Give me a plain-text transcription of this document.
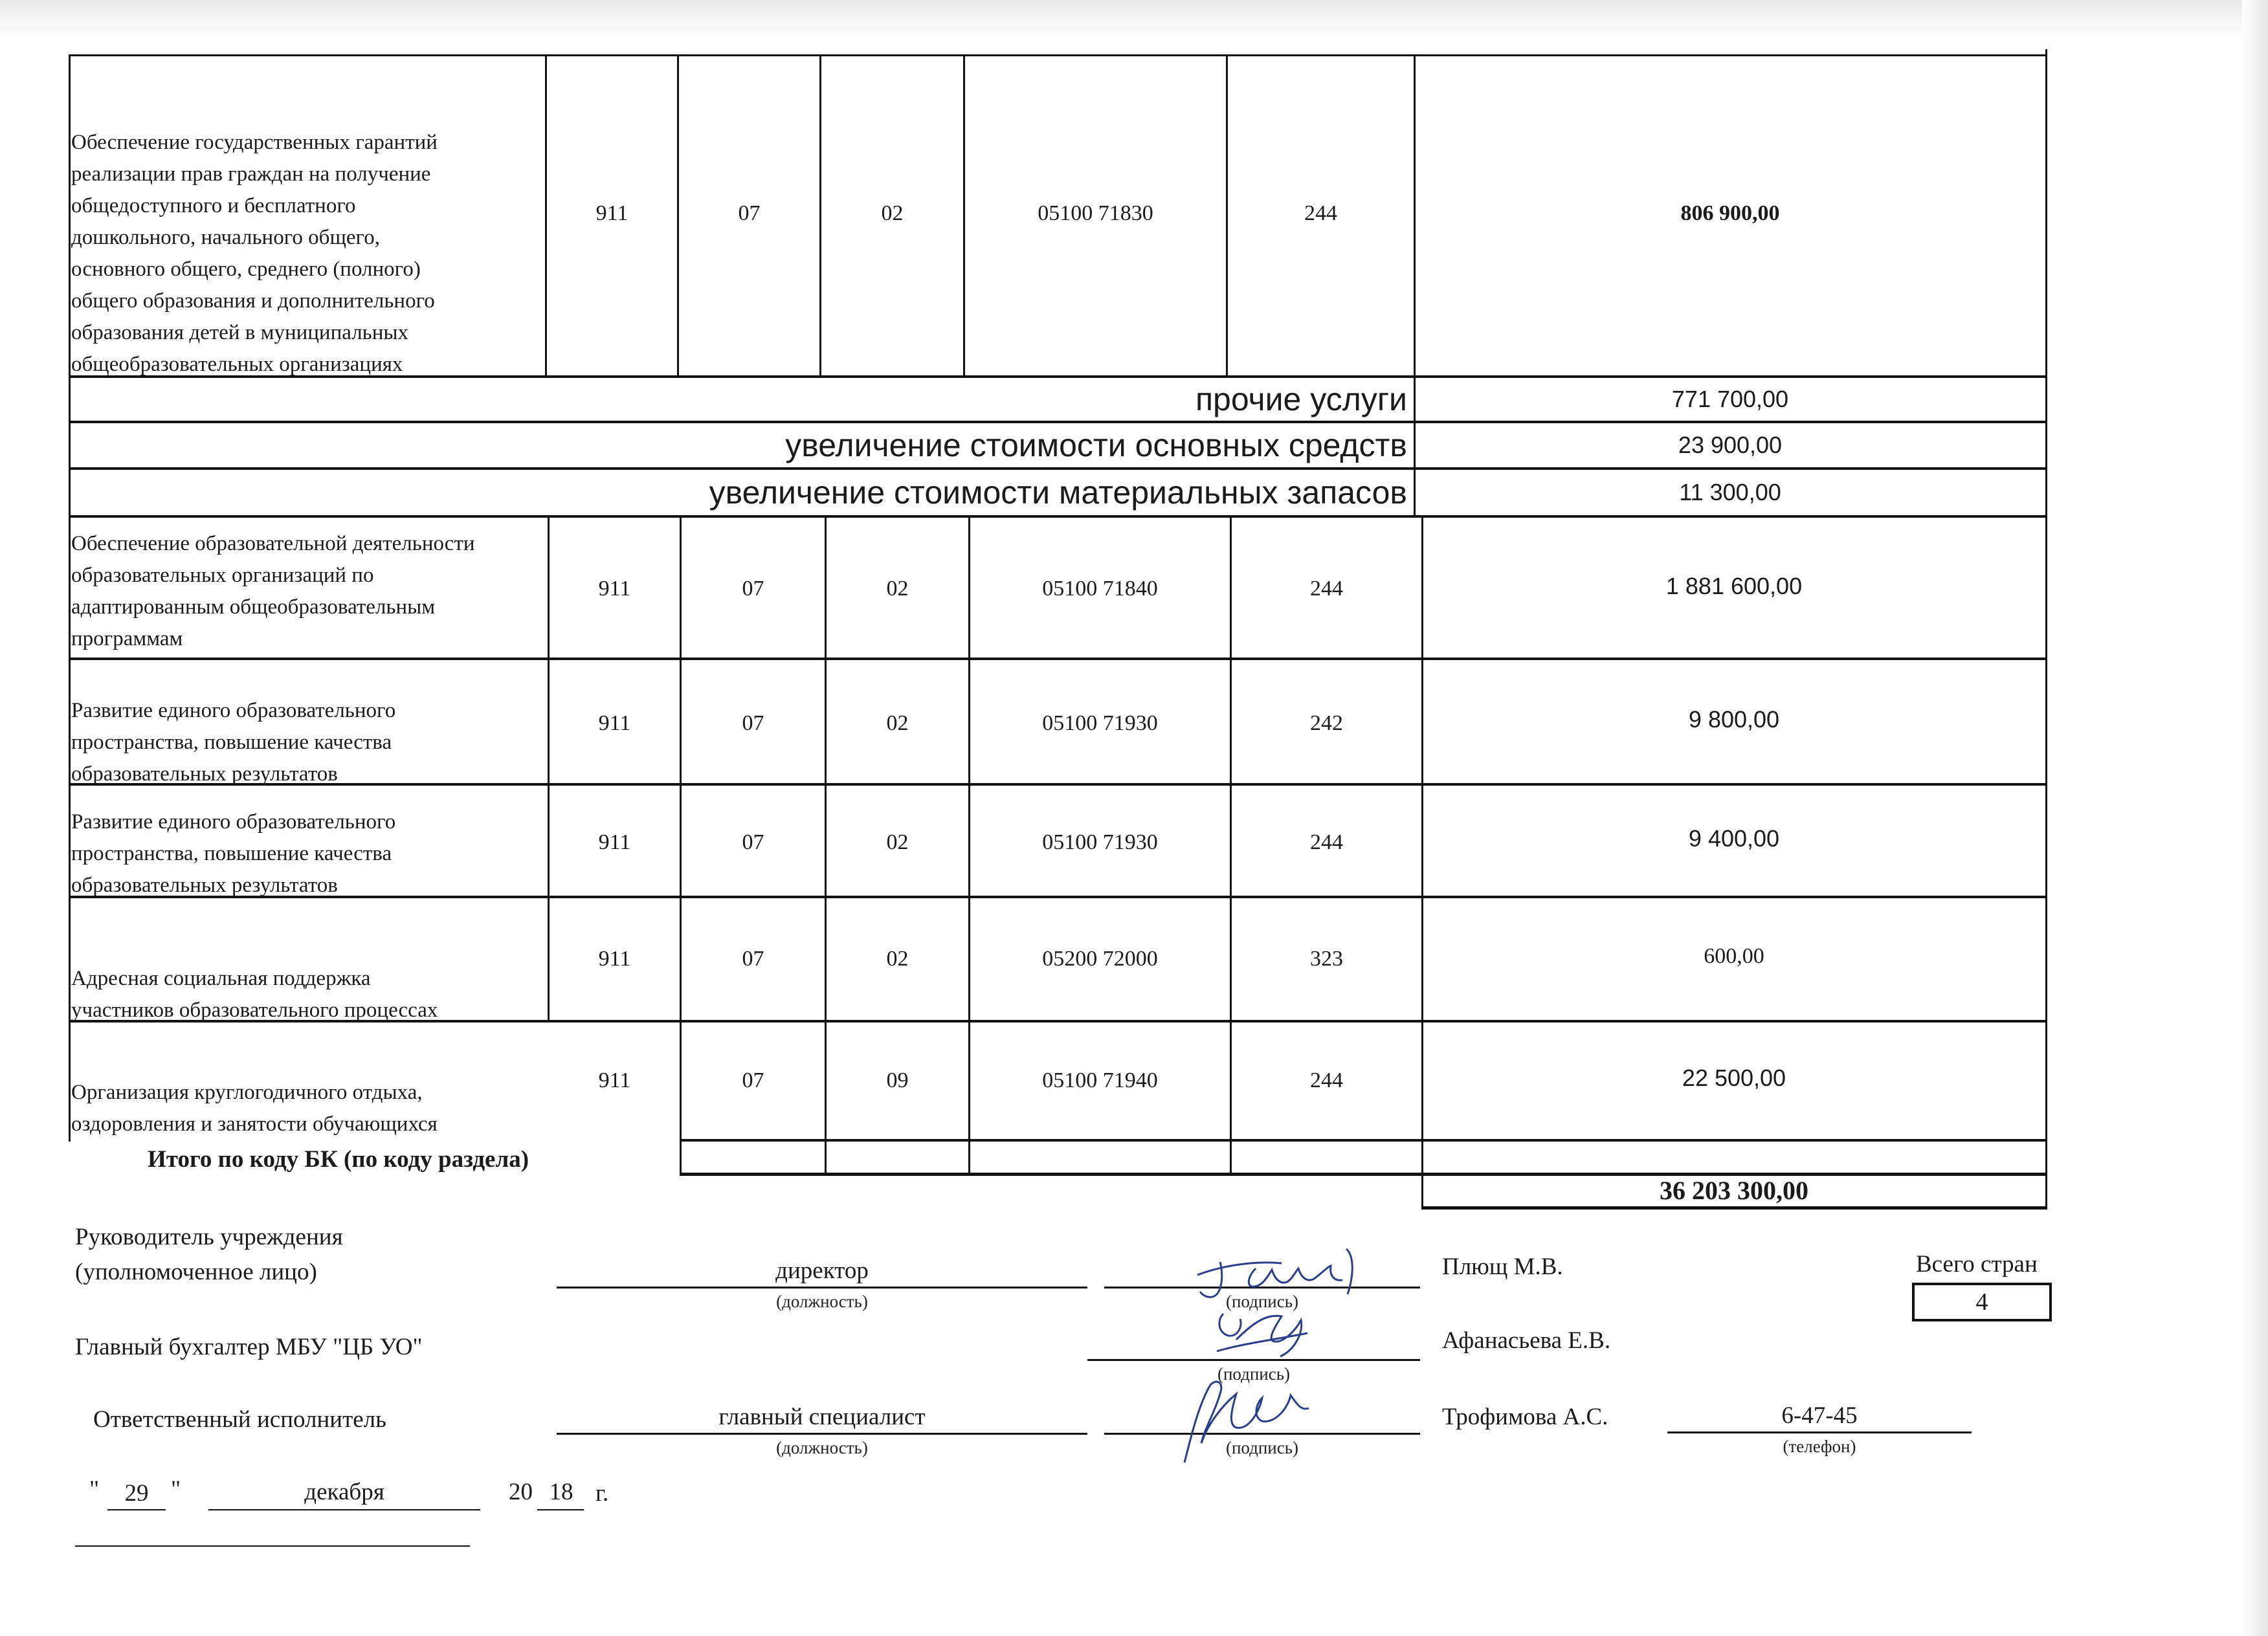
Обеспечение государственных гарантий
реализации прав граждан на получение
общедоступного и бесплатного
дошкольного, начального общего,
основного общего, среднего (полного)
общего образования и дополнительного
образования детей в муниципальных
общеобразовательных организациях
911	07	02	05100 71830	244	806 900,00
прочие услуги	771 700,00
увеличение стоимости основных средств	23 900,00
увеличение стоимости материальных запасов	11 300,00
Обеспечение образовательной деятельности
образовательных организаций по
адаптированным общеобразовательным
программам
911	07	02	05100 71840	244	1 881 600,00
Развитие единого образовательного
пространства, повышение качества
образовательных результатов
911	07	02	05100 71930	242	9 800,00
Развитие единого образовательного
пространства, повышение качества
образовательных результатов
911	07	02	05100 71930	244	9 400,00
Адресная социальная поддержка
участников образовательного процессах
911	07	02	05200 72000	323	600,00
Организация круглогодичного отдыха,
оздоровления и занятости обучающихся
911	07	09	05100 71940	244	22 500,00
Итого по коду БК (по коду раздела)
36 203 300,00
Руководитель учреждения
(уполномоченное лицо)	директор
(должность)	(подпись)
Плющ М.В.	Всего стран
4
Главный бухгалтер МБУ "ЦБ УО"
(подпись)
Афанасьева Е.В.
Ответственный исполнитель	главный специалист
(должность)	(подпись)
Трофимова А.С.	6-47-45
(телефон)
"	29 "	декабря	20 18 г.
